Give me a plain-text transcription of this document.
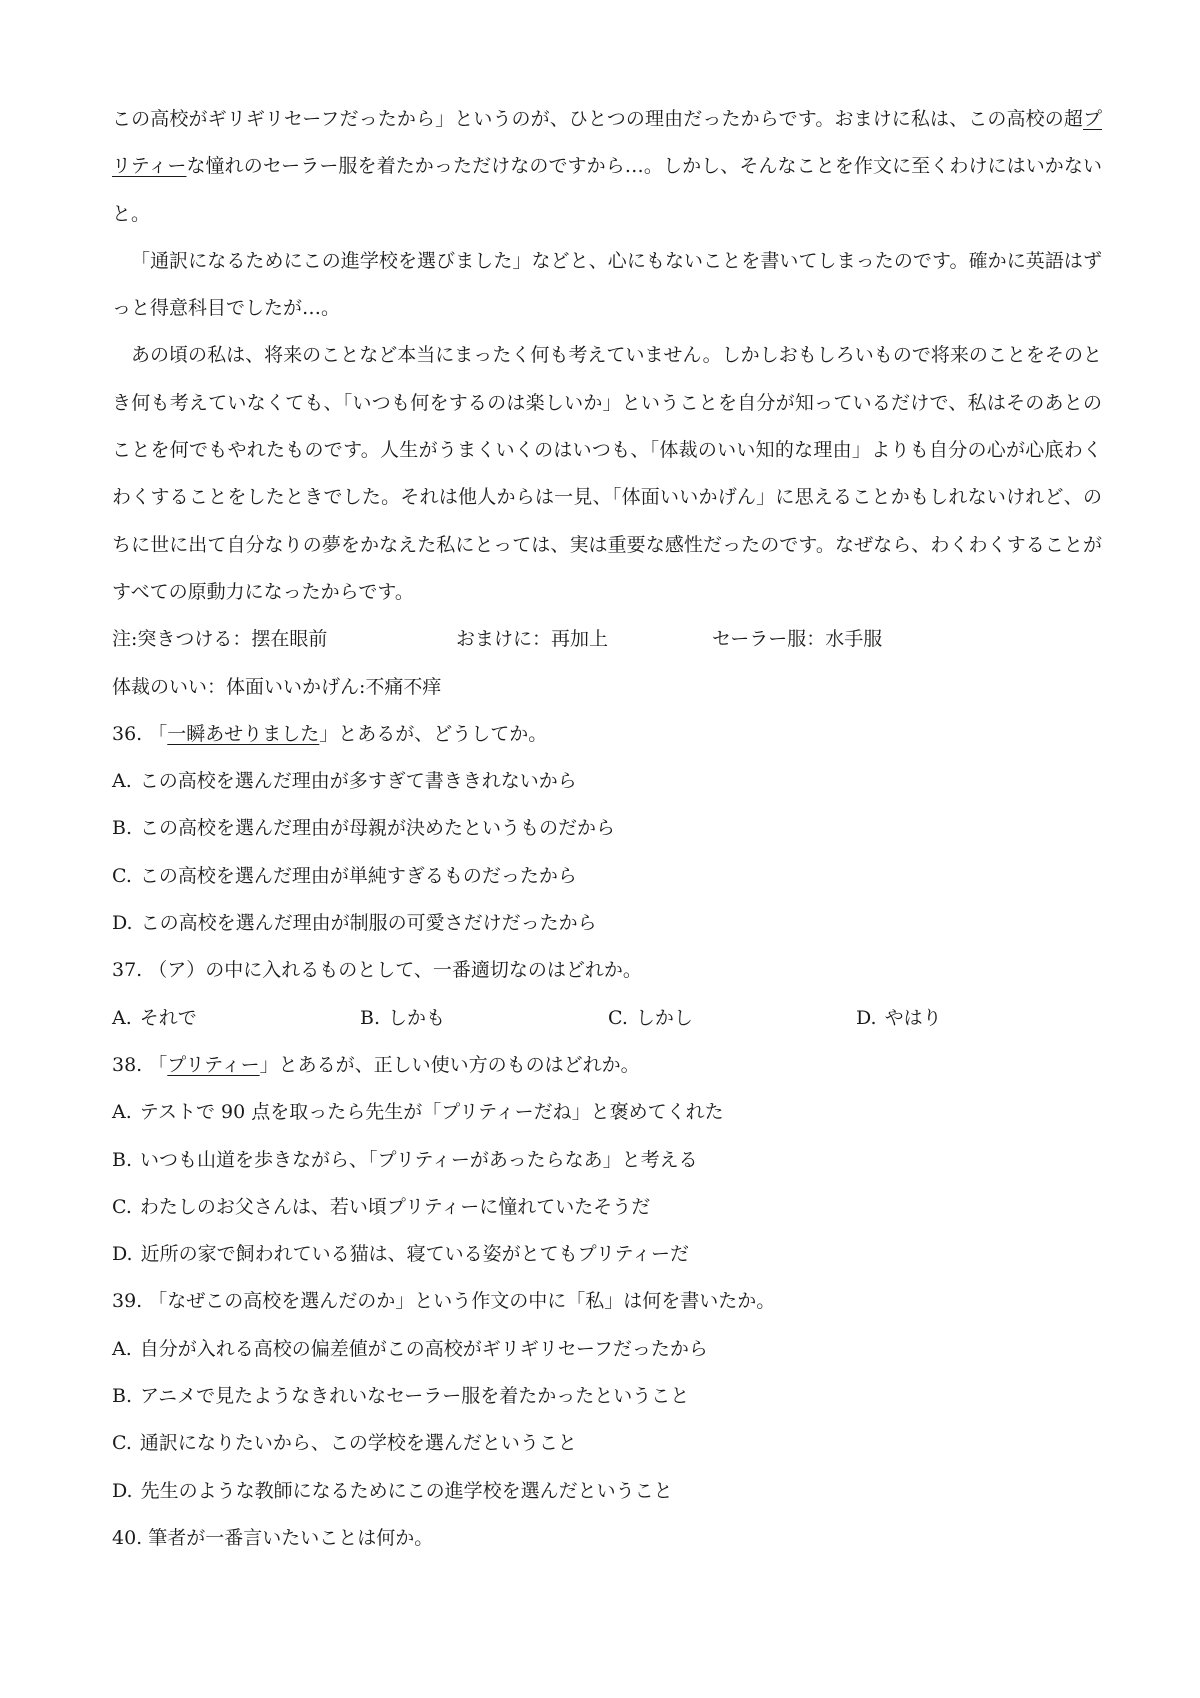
この高校がギリギリセーフだったから」というのが、ひとつの理由だったからです。おまけに私は、この高校の超プリティーな憧れのセーラー服を着たかっただけなのですから…。しかし、そんなことを作文に至くわけにはいかないと。

「通訳になるためにこの進学校を選びました」などと、心にもないことを書いてしまったのです。確かに英語はずっと得意科目でしたが…。

あの頃の私は、将来のことなど本当にまったく何も考えていません。しかしおもしろいもので将来のことをそのとき何も考えていなくても、「いつも何をするのは楽しいか」ということを自分が知っているだけで、私はそのあとのことを何でもやれたものです。人生がうまくいくのはいつも、「体裁のいい知的な理由」よりも自分の心が心底わくわくすることをしたときでした。それは他人からは一見、「体面いいかげん」に思えることかもしれないけれど、のちに世に出て自分なりの夢をかなえた私にとっては、実は重要な感性だったのです。なぜなら、わくわくすることがすべての原動力になったからです。

注:突きつける：摆在眼前	おまけに：再加上	セーラー服：水手服
体裁のいい：体面いいかげん:不痛不痒
36. 「一瞬あせりました」とあるが、どうしてか。
A. この高校を選んだ理由が多すぎて書ききれないから
B. この高校を選んだ理由が母親が決めたというものだから
C. この高校を選んだ理由が単純すぎるものだったから
D. この高校を選んだ理由が制服の可愛さだけだったから
37. （ア）の中に入れるものとして、一番適切なのはどれか。
A. それで	B. しかも	C. しかし	D. やはり
38. 「プリティー」とあるが、正しい使い方のものはどれか。
A. テストで 90 点を取ったら先生が「プリティーだね」と褒めてくれた
B. いつも山道を歩きながら、「プリティーがあったらなあ」と考える
C. わたしのお父さんは、若い頃プリティーに憧れていたそうだ
D. 近所の家で飼われている猫は、寝ている姿がとてもプリティーだ
39. 「なぜこの高校を選んだのか」という作文の中に「私」は何を書いたか。
A. 自分が入れる高校の偏差値がこの高校がギリギリセーフだったから
B. アニメで見たようなきれいなセーラー服を着たかったということ
C. 通訳になりたいから、この学校を選んだということ
D. 先生のような教師になるためにこの進学校を選んだということ
40. 筆者が一番言いたいことは何か。
